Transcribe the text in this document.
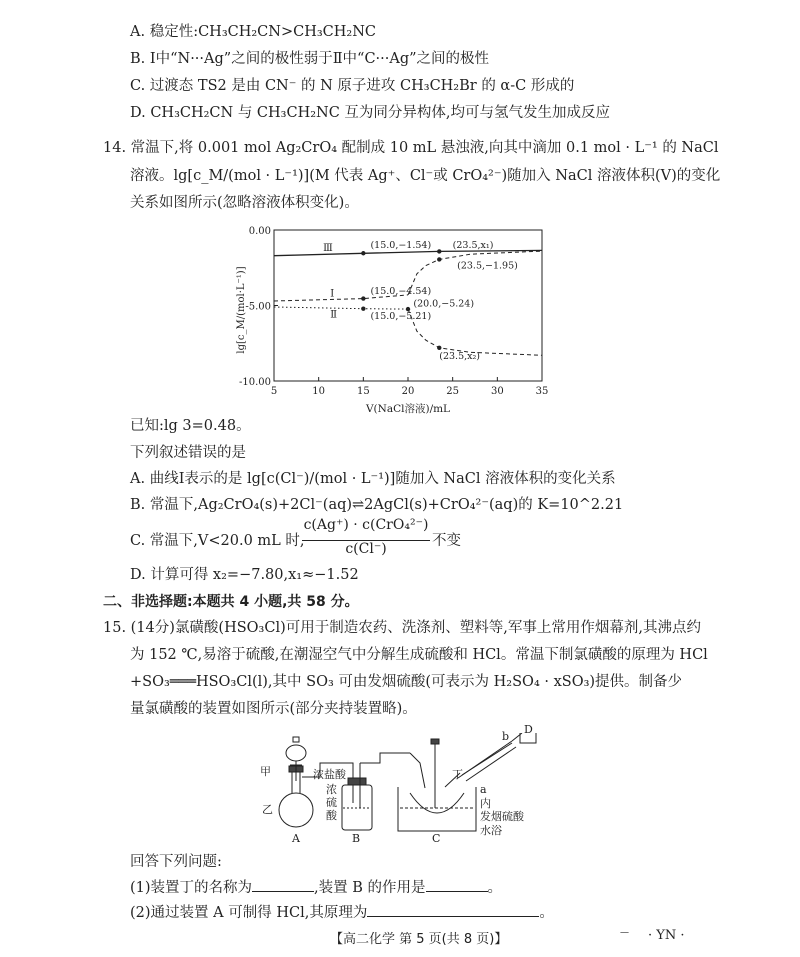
A. 稳定性:CH₃CH₂CN>CH₃CH₂NC
B. Ⅰ中“N···Ag”之间的极性弱于Ⅱ中“C···Ag”之间的极性
C. 过渡态 TS2 是由 CN⁻ 的 N 原子进攻 CH₃CH₂Br 的 α-C 形成的
D. CH₃CH₂CN 与 CH₃CH₂NC 互为同分异构体,均可与氢气发生加成反应
14. 常温下,将 0.001 mol Ag₂CrO₄ 配制成 10 mL 悬浊液,向其中滴加 0.1 mol · L⁻¹ 的 NaCl
溶液。lg[c_M/(mol · L⁻¹)](M 代表 Ag⁺、Cl⁻或 CrO₄²⁻)随加入 NaCl 溶液体积(V)的变化
关系如图所示(忽略溶液体积变化)。
5	10	15	20	25	30	35
0.00
-5.00
-10.00
(15.0,−1.54) (23.5,x₁)
(23.5,−1.95)
(15.0,−4.54)
(15.0,−5.21)
(20.0,−5.24)
(23.5,x₂)
Ⅲ
Ⅰ
Ⅱ
lg[c_M/(mol·L⁻¹)]
V(NaCl溶液)/mL
已知:lg 3=0.48。
下列叙述错误的是
A. 曲线Ⅰ表示的是 lg[c(Cl⁻)/(mol · L⁻¹)]随加入 NaCl 溶液体积的变化关系
B. 常温下,Ag₂CrO₄(s)+2Cl⁻(aq)⇌2AgCl(s)+CrO₄²⁻(aq)的 K=10^2.21
C. 常温下,V<20.0 mL 时,
c(Ag⁺) · c(CrO₄²⁻)
c(Cl⁻)	不变
D. 计算可得 x₂=−7.80,x₁≈−1.52
二、非选择题:本题共 4 小题,共 58 分。
15. (14分)氯磺酸(HSO₃Cl)可用于制造农药、洗涤剂、塑料等,军事上常用作烟幕剂,其沸点约
为 152 ℃,易溶于硫酸,在潮湿空气中分解生成硫酸和 HCl。常温下制氯磺酸的原理为 HCl
+SO₃═══HSO₃Cl(l),其中 SO₃ 可由发烟硫酸(可表示为 H₂SO₄ · xSO₃)提供。制备少
量氯磺酸的装置如图所示(部分夹持装置略)。
甲
乙
浓盐酸
浓
硫
酸
丁
a
b
D
内
发烟硫酸
水浴
A	B	C
回答下列问题:
(1)装置丁的名称为	,装置 B 的作用是	。
(2)通过装置 A 可制得 HCl,其原理为	。
【高二化学 第 5 页(共 8 页)】	— · YN ·
